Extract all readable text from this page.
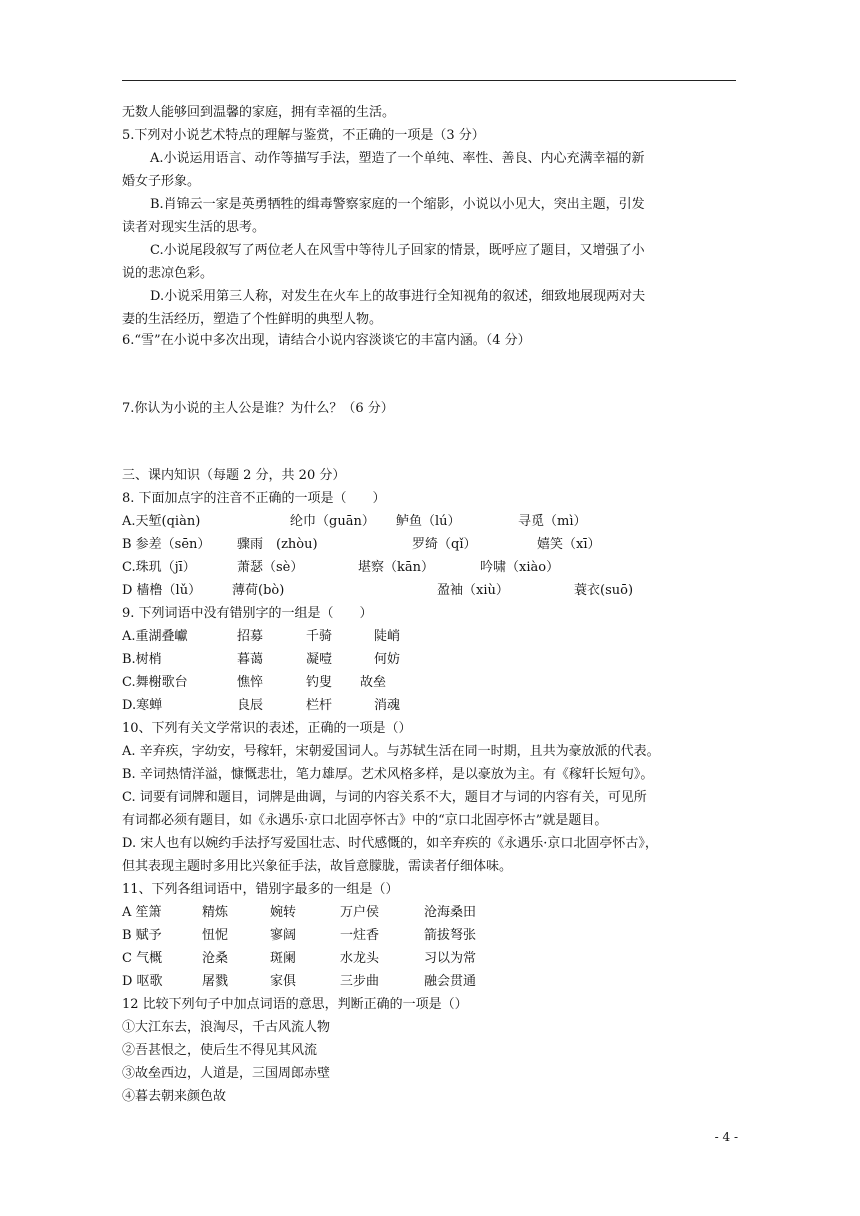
无数人能够回到温馨的家庭，拥有幸福的生活。
5.下列对小说艺术特点的理解与鉴赏，不正确的一项是（3 分）
A.小说运用语言、动作等描写手法，塑造了一个单纯、率性、善良、内心充满幸福的新
婚女子形象。
B.肖锦云一家是英勇牺牲的缉毒警察家庭的一个缩影，小说以小见大，突出主题，引发
读者对现实生活的思考。
C.小说尾段叙写了两位老人在风雪中等待儿子回家的情景，既呼应了题目，又增强了小
说的悲凉色彩。
D.小说采用第三人称，对发生在火车上的故事进行全知视角的叙述，细致地展现两对夫
妻的生活经历，塑造了个性鲜明的典型人物。
6.“雪”在小说中多次出现，请结合小说内容淡谈它的丰富内涵。（4 分）
7.你认为小说的主人公是谁？为什么？（6 分）
三、课内知识（每题 2 分，共 20 分）
8. 下面加点字的注音不正确的一项是（　　）
A.天堑(qiàn)	纶巾（guān） 鲈鱼（lú）	寻觅（mì）
B 参差（sēn） 骤雨　(zhòu)	罗绮（qǐ）	嬉笑（xī）
C.珠玑（jī）	萧瑟（sè）	堪察（kān）	吟啸（xiào）
D 樯橹（lǔ） 薄荷(bò)	盈袖（xiù）	蓑衣(suō)
9. 下列词语中没有错别字的一组是（　　）
A.重湖叠巘	招募	千骑	陡峭
B.树梢	暮蔼	凝噎	何妨
C.舞榭歌台	憔悴	钓叟 故垒
D.寒蝉	良辰	栏杆	消魂
10、下列有关文学常识的表述，正确的一项是（）
A. 辛弃疾，字幼安，号稼轩，宋朝爱国词人。与苏轼生活在同一时期，且共为豪放派的代表。
B. 辛词热情洋溢，慷慨悲壮，笔力雄厚。艺术风格多样，是以豪放为主。有《稼轩长短句》。
C. 词要有词牌和题目，词牌是曲调，与词的内容关系不大，题目才与词的内容有关，可见所
有词都必须有题目，如《永遇乐·京口北固亭怀古》中的“京口北固亭怀古”就是题目。
D. 宋人也有以婉约手法抒写爱国壮志、时代感慨的，如辛弃疾的《永遇乐·京口北固亭怀古》，
但其表现主题时多用比兴象征手法，故旨意朦胧，需读者仔细体味。
11、下列各组词语中，错别字最多的一组是（）
A 笙箫	精炼	婉转	万户侯	沧海桑田
B 赋予	忸怩	寥阔	一炷香	箭拔弩张
C 气概	沧桑	斑阑	水龙头	习以为常
D 呕歌	屠戮	家俱	三步曲	融会贯通
12 比较下列句子中加点词语的意思，判断正确的一项是（）
①大江东去，浪淘尽，千古风流人物
②吾甚恨之，使后生不得见其风流
③故垒西边，人道是，三国周郎赤壁
④暮去朝来颜色故
- 4 -
